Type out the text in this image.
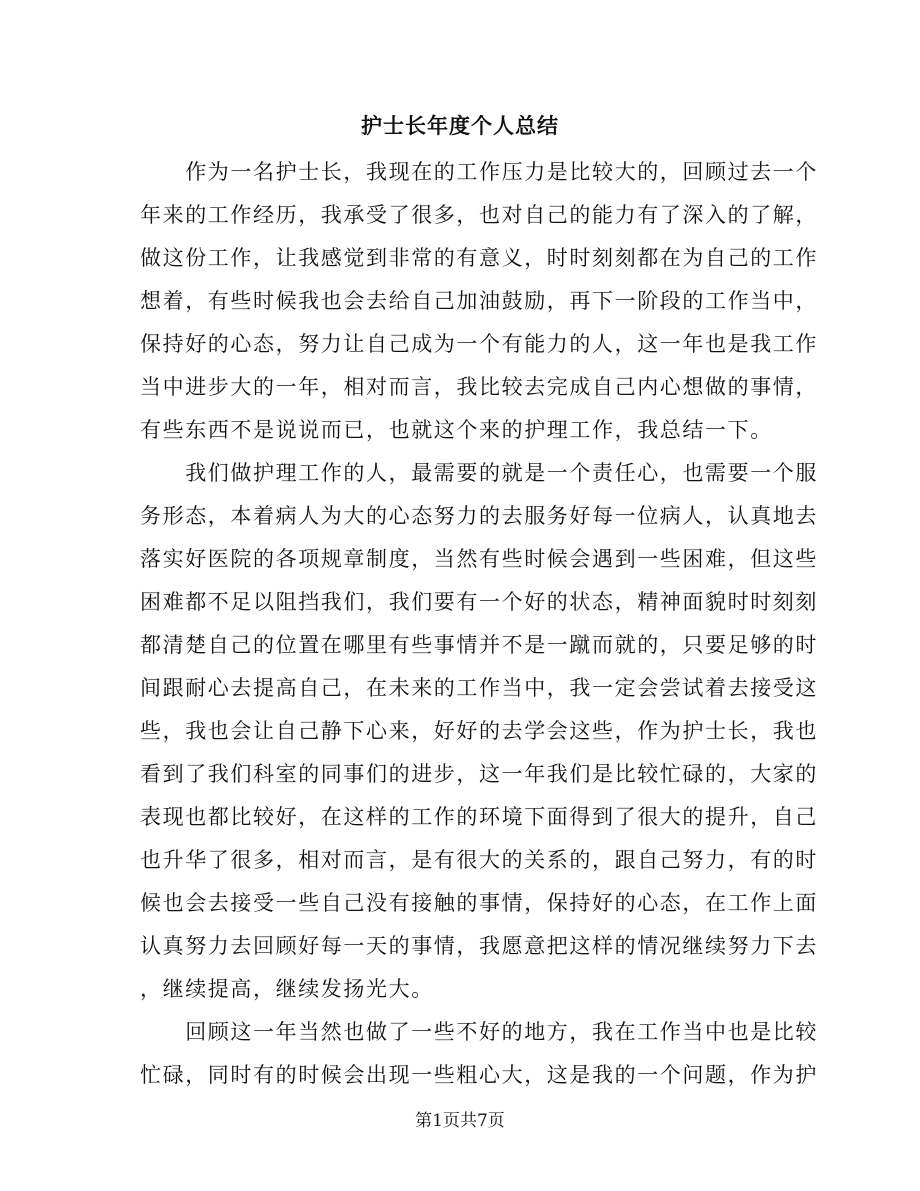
护士长年度个人总结
　　作为一名护士长，我现在的工作压力是比较大的，回顾过去一个
年来的工作经历，我承受了很多，也对自己的能力有了深入的了解，
做这份工作，让我感觉到非常的有意义，时时刻刻都在为自己的工作
想着，有些时候我也会去给自己加油鼓励，再下一阶段的工作当中，
保持好的心态，努力让自己成为一个有能力的人，这一年也是我工作
当中进步大的一年，相对而言，我比较去完成自己内心想做的事情，
有些东西不是说说而已，也就这个来的护理工作，我总结一下。
　　我们做护理工作的人，最需要的就是一个责任心，也需要一个服
务形态，本着病人为大的心态努力的去服务好每一位病人，认真地去
落实好医院的各项规章制度，当然有些时候会遇到一些困难，但这些
困难都不足以阻挡我们，我们要有一个好的状态，精神面貌时时刻刻
都清楚自己的位置在哪里有些事情并不是一蹴而就的，只要足够的时
间跟耐心去提高自己，在未来的工作当中，我一定会尝试着去接受这
些，我也会让自己静下心来，好好的去学会这些，作为护士长，我也
看到了我们科室的同事们的进步，这一年我们是比较忙碌的，大家的
表现也都比较好，在这样的工作的环境下面得到了很大的提升，自己
也升华了很多，相对而言，是有很大的关系的，跟自己努力，有的时
候也会去接受一些自己没有接触的事情，保持好的心态，在工作上面
认真努力去回顾好每一天的事情，我愿意把这样的情况继续努力下去
，继续提高，继续发扬光大。
　　回顾这一年当然也做了一些不好的地方，我在工作当中也是比较
忙碌，同时有的时候会出现一些粗心大，这是我的一个问题，作为护
第1页共7页
